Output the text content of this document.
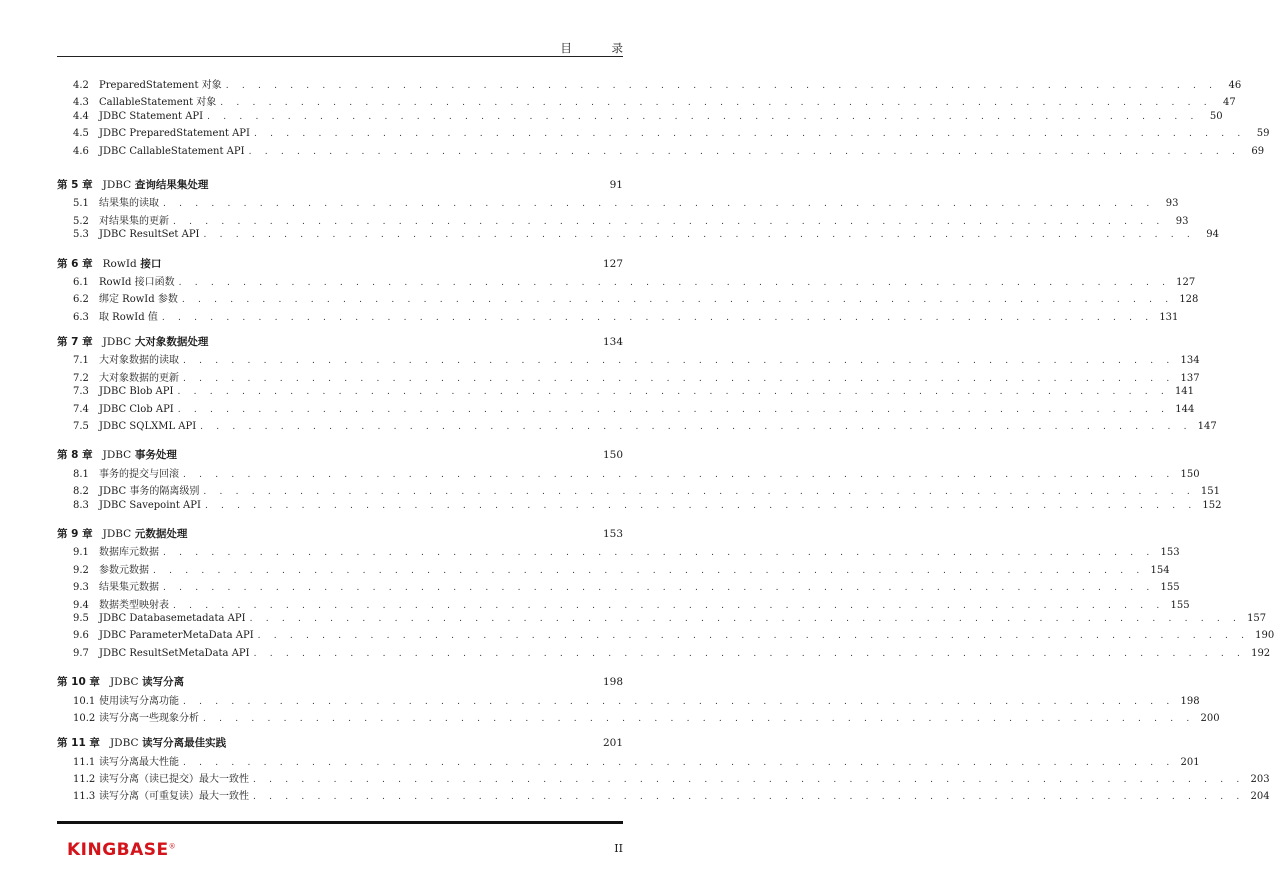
目 录
4.2	PreparedStatement 对象 . . . . . . . . . . . . . . . . . . . . . . . . . . . . . . . . . . . . . . . . . . . . . . . . . . . . . . . . . . . . . .	46
4.3	CallableStatement 对象 . . . . . . . . . . . . . . . . . . . . . . . . . . . . . . . . . . . . . . . . . . . . . . . . . . . . . . . . . . . . . .	47
4.4	JDBC Statement API . . . . . . . . . . . . . . . . . . . . . . . . . . . . . . . . . . . . . . . . . . . . . . . . . . . . . . . . . . . . . .	50
4.5	JDBC PreparedStatement API . . . . . . . . . . . . . . . . . . . . . . . . . . . . . . . . . . . . . . . . . . . . . . . . . . . . . . . . . . . . . .	59
4.6	JDBC CallableStatement API . . . . . . . . . . . . . . . . . . . . . . . . . . . . . . . . . . . . . . . . . . . . . . . . . . . . . . . . . . . . . .	69
第 5 章 JDBC 查询结果集处理	91
5.1	结果集的读取 . . . . . . . . . . . . . . . . . . . . . . . . . . . . . . . . . . . . . . . . . . . . . . . . . . . . . . . . . . . . . .	93
5.2	对结果集的更新 . . . . . . . . . . . . . . . . . . . . . . . . . . . . . . . . . . . . . . . . . . . . . . . . . . . . . . . . . . . . . .	93
5.3	JDBC ResultSet API . . . . . . . . . . . . . . . . . . . . . . . . . . . . . . . . . . . . . . . . . . . . . . . . . . . . . . . . . . . . . .	94
第 6 章 RowId 接口	127
6.1	RowId 接口函数 . . . . . . . . . . . . . . . . . . . . . . . . . . . . . . . . . . . . . . . . . . . . . . . . . . . . . . . . . . . . . . 127
6.2	绑定 RowId 参数 . . . . . . . . . . . . . . . . . . . . . . . . . . . . . . . . . . . . . . . . . . . . . . . . . . . . . . . . . . . . . . 128
6.3	取 RowId 值 . . . . . . . . . . . . . . . . . . . . . . . . . . . . . . . . . . . . . . . . . . . . . . . . . . . . . . . . . . . . . . 131
第 7 章 JDBC 大对象数据处理	134
7.1	大对象数据的读取 . . . . . . . . . . . . . . . . . . . . . . . . . . . . . . . . . . . . . . . . . . . . . . . . . . . . . . . . . . . . . . 134
7.2	大对象数据的更新 . . . . . . . . . . . . . . . . . . . . . . . . . . . . . . . . . . . . . . . . . . . . . . . . . . . . . . . . . . . . . . 137
7.3	JDBC Blob API . . . . . . . . . . . . . . . . . . . . . . . . . . . . . . . . . . . . . . . . . . . . . . . . . . . . . . . . . . . . . . 141
7.4	JDBC Clob API . . . . . . . . . . . . . . . . . . . . . . . . . . . . . . . . . . . . . . . . . . . . . . . . . . . . . . . . . . . . . . 144
7.5	JDBC SQLXML API . . . . . . . . . . . . . . . . . . . . . . . . . . . . . . . . . . . . . . . . . . . . . . . . . . . . . . . . . . . . . . 147
第 8 章 JDBC 事务处理	150
8.1	事务的提交与回滚 . . . . . . . . . . . . . . . . . . . . . . . . . . . . . . . . . . . . . . . . . . . . . . . . . . . . . . . . . . . . . . 150
8.2	JDBC 事务的隔离级别 . . . . . . . . . . . . . . . . . . . . . . . . . . . . . . . . . . . . . . . . . . . . . . . . . . . . . . . . . . . . . . 151
8.3	JDBC Savepoint API . . . . . . . . . . . . . . . . . . . . . . . . . . . . . . . . . . . . . . . . . . . . . . . . . . . . . . . . . . . . . . 152
第 9 章 JDBC 元数据处理	153
9.1	数据库元数据 . . . . . . . . . . . . . . . . . . . . . . . . . . . . . . . . . . . . . . . . . . . . . . . . . . . . . . . . . . . . . . 153
9.2	参数元数据 . . . . . . . . . . . . . . . . . . . . . . . . . . . . . . . . . . . . . . . . . . . . . . . . . . . . . . . . . . . . . . 154
9.3	结果集元数据 . . . . . . . . . . . . . . . . . . . . . . . . . . . . . . . . . . . . . . . . . . . . . . . . . . . . . . . . . . . . . . 155
9.4	数据类型映射表 . . . . . . . . . . . . . . . . . . . . . . . . . . . . . . . . . . . . . . . . . . . . . . . . . . . . . . . . . . . . . . 155
9.5	JDBC Databasemetadata API . . . . . . . . . . . . . . . . . . . . . . . . . . . . . . . . . . . . . . . . . . . . . . . . . . . . . . . . . . . . . . 157
9.6	JDBC ParameterMetaData API . . . . . . . . . . . . . . . . . . . . . . . . . . . . . . . . . . . . . . . . . . . . . . . . . . . . . . . . . . . . . . 190
9.7	JDBC ResultSetMetaData API . . . . . . . . . . . . . . . . . . . . . . . . . . . . . . . . . . . . . . . . . . . . . . . . . . . . . . . . . . . . . . 192
第 10 章 JDBC 读写分离	198
10.1 使用读写分离功能 . . . . . . . . . . . . . . . . . . . . . . . . . . . . . . . . . . . . . . . . . . . . . . . . . . . . . . . . . . . . . . 198
10.2 读写分离一些现象分析 . . . . . . . . . . . . . . . . . . . . . . . . . . . . . . . . . . . . . . . . . . . . . . . . . . . . . . . . . . . . . . 200
第 11 章 JDBC 读写分离最佳实践	201
11.1 读写分离最大性能 . . . . . . . . . . . . . . . . . . . . . . . . . . . . . . . . . . . . . . . . . . . . . . . . . . . . . . . . . . . . . . 201
11.2 读写分离（读已提交）最大一致性 . . . . . . . . . . . . . . . . . . . . . . . . . . . . . . . . . . . . . . . . . . . . . . . . . . . . . . . . . . . . . . 203
11.3 读写分离（可重复读）最大一致性 . . . . . . . . . . . . . . . . . . . . . . . . . . . . . . . . . . . . . . . . . . . . . . . . . . . . . . . . . . . . . . 204
KINGBASE®	II
